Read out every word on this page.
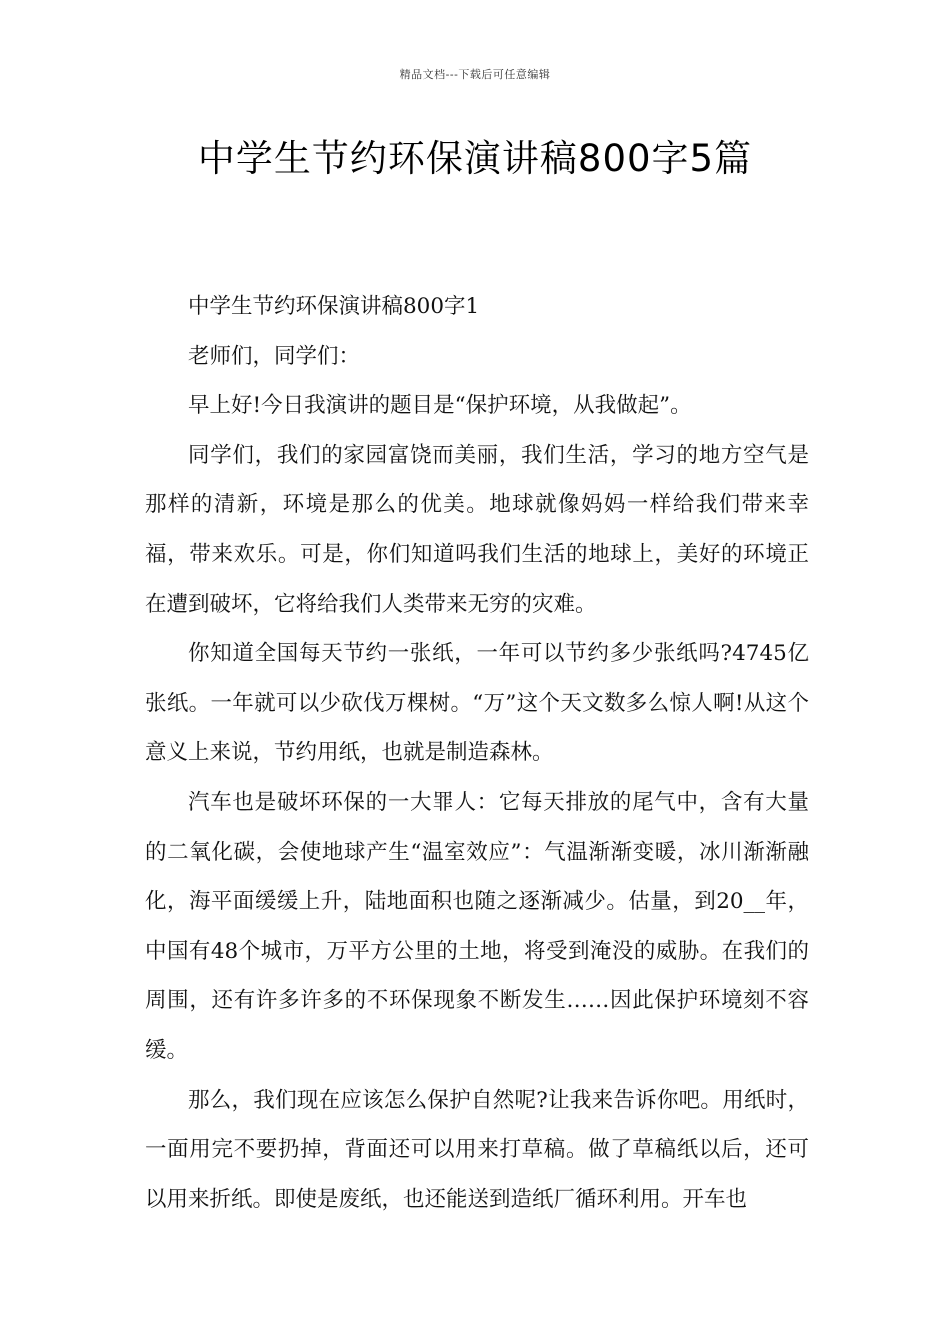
精品文档---下载后可任意编辑
中学生节约环保演讲稿800字5篇

中学生节约环保演讲稿800字1

老师们，同学们：

早上好!今日我演讲的题目是“保护环境，从我做起”。

同学们，我们的家园富饶而美丽，我们生活，学习的地方空气是那样的清新，环境是那么的优美。地球就像妈妈一样给我们带来幸福，带来欢乐。可是，你们知道吗我们生活的地球上，美好的环境正在遭到破坏，它将给我们人类带来无穷的灾难。

你知道全国每天节约一张纸，一年可以节约多少张纸吗?4745亿张纸。一年就可以少砍伐万棵树。“万”这个天文数多么惊人啊!从这个意义上来说，节约用纸，也就是制造森林。

汽车也是破坏环保的一大罪人：它每天排放的尾气中，含有大量的二氧化碳，会使地球产生“温室效应”：气温渐渐变暖，冰川渐渐融化，海平面缓缓上升，陆地面积也随之逐渐减少。估量，到20__年，中国有48个城市，万平方公里的土地，将受到淹没的威胁。在我们的周围，还有许多许多的不环保现象不断发生……因此保护环境刻不容缓。

那么，我们现在应该怎么保护自然呢?让我来告诉你吧。用纸时，一面用完不要扔掉，背面还可以用来打草稿。做了草稿纸以后，还可以用来折纸。即使是废纸，也还能送到造纸厂循环利用。开车也
